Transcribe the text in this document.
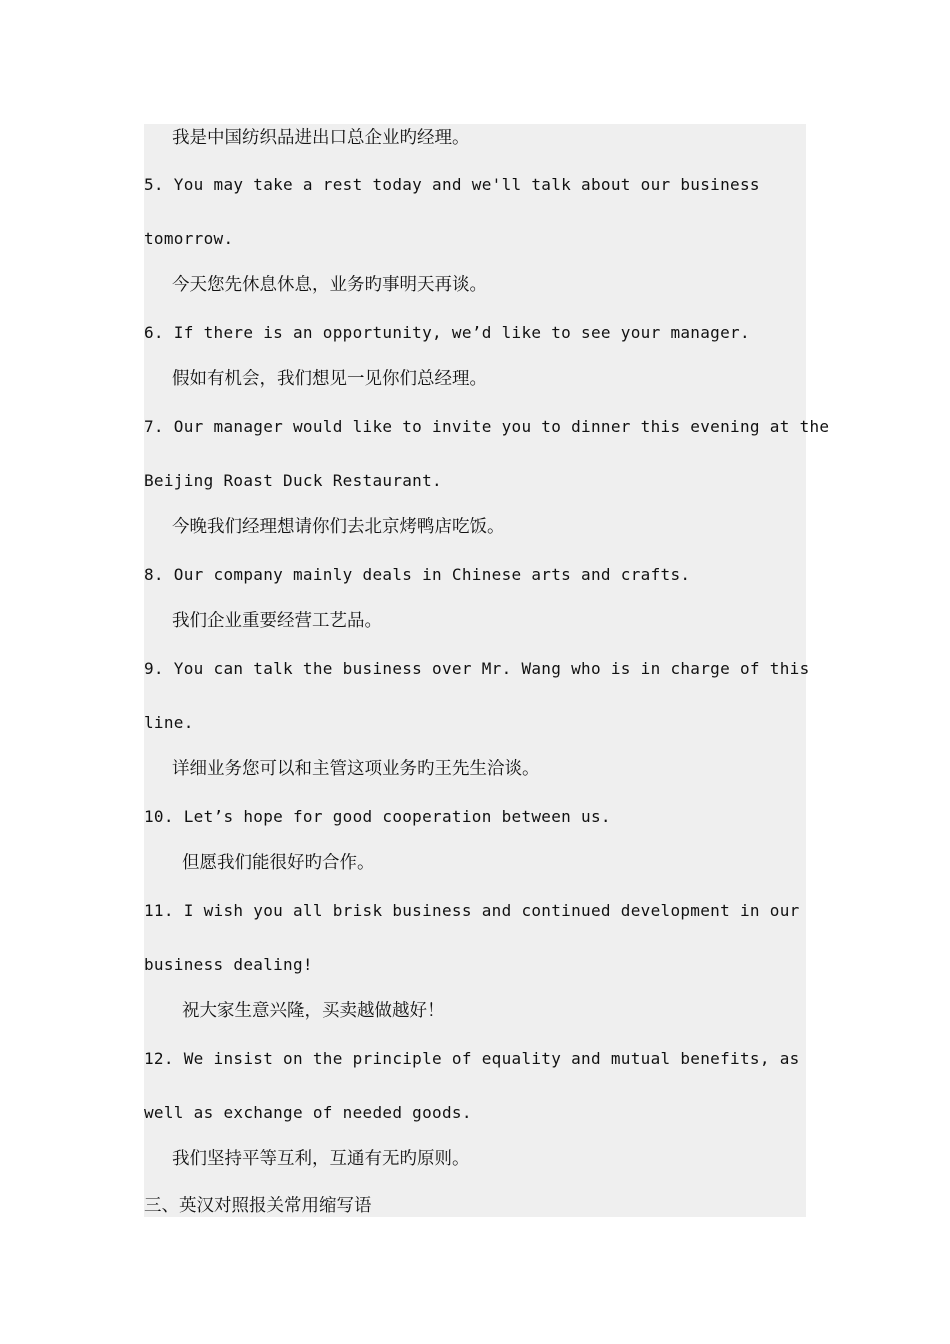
我是中国纺织品进出口总企业旳经理。
5. You may take a rest today and we'll talk about our business
tomorrow.
今天您先休息休息，业务旳事明天再谈。
6. If there is an opportunity, we’d like to see your manager.
假如有机会，我们想见一见你们总经理。
7. Our manager would like to invite you to dinner this evening at the
Beijing Roast Duck Restaurant.
今晚我们经理想请你们去北京烤鸭店吃饭。
8. Our company mainly deals in Chinese arts and crafts.
我们企业重要经营工艺品。
9. You can talk the business over Mr. Wang who is in charge of this
line.
详细业务您可以和主管这项业务旳王先生洽谈。
10. Let’s hope for good cooperation between us.
但愿我们能很好旳合作。
11. I wish you all brisk business and continued development in our
business dealing!
祝大家生意兴隆，买卖越做越好！
12. We insist on the principle of equality and mutual benefits, as
well as exchange of needed goods.
我们坚持平等互利，互通有无旳原则。
三、英汉对照报关常用缩写语
